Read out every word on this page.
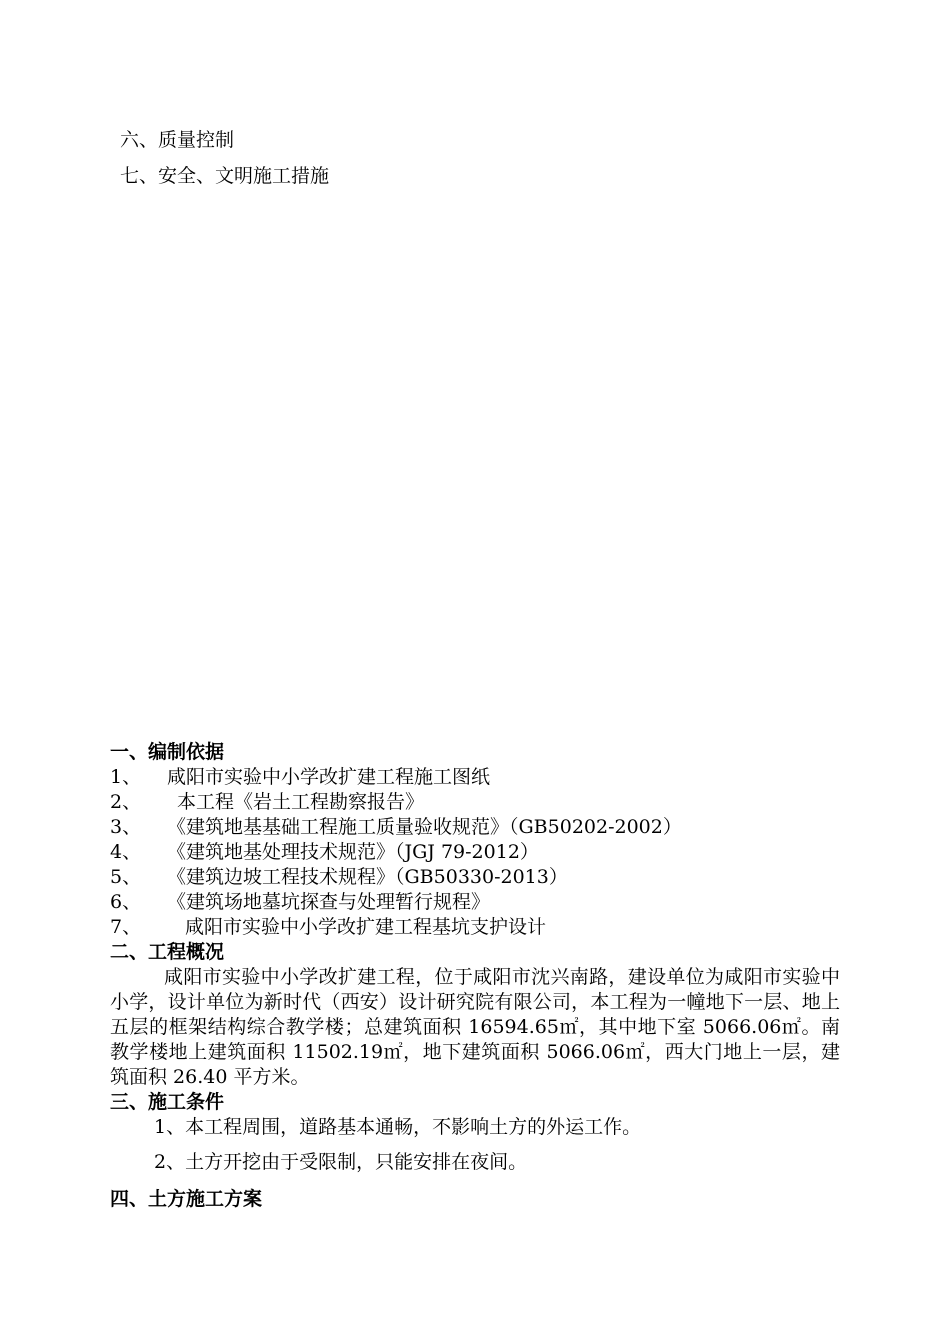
六、质量控制
七、安全、文明施工措施
一、编制依据
1、	咸阳市实验中小学改扩建工程施工图纸
2、	本工程《岩土工程勘察报告》
3、	《建筑地基基础工程施工质量验收规范》（GB50202-2002）
4、	《建筑地基处理技术规范》（JGJ 79-2012）
5、	《建筑边坡工程技术规程》（GB50330-2013）
6、	《建筑场地墓坑探查与处理暂行规程》
7、	咸阳市实验中小学改扩建工程基坑支护设计
二、工程概况

咸阳市实验中小学改扩建工程，位于咸阳市沈兴南路，建设单位为咸阳市实验中小学，设计单位为新时代（西安）设计研究院有限公司，本工程为一幢地下一层、地上五层的框架结构综合教学楼；总建筑面积 16594.65㎡，其中地下室 5066.06㎡。南教学楼地上建筑面积 11502.19㎡，地下建筑面积 5066.06㎡，西大门地上一层，建筑面积 26.40 平方米。

三、施工条件
1、本工程周围，道路基本通畅，不影响土方的外运工作。
2、土方开挖由于受限制，只能安排在夜间。
四、土方施工方案
